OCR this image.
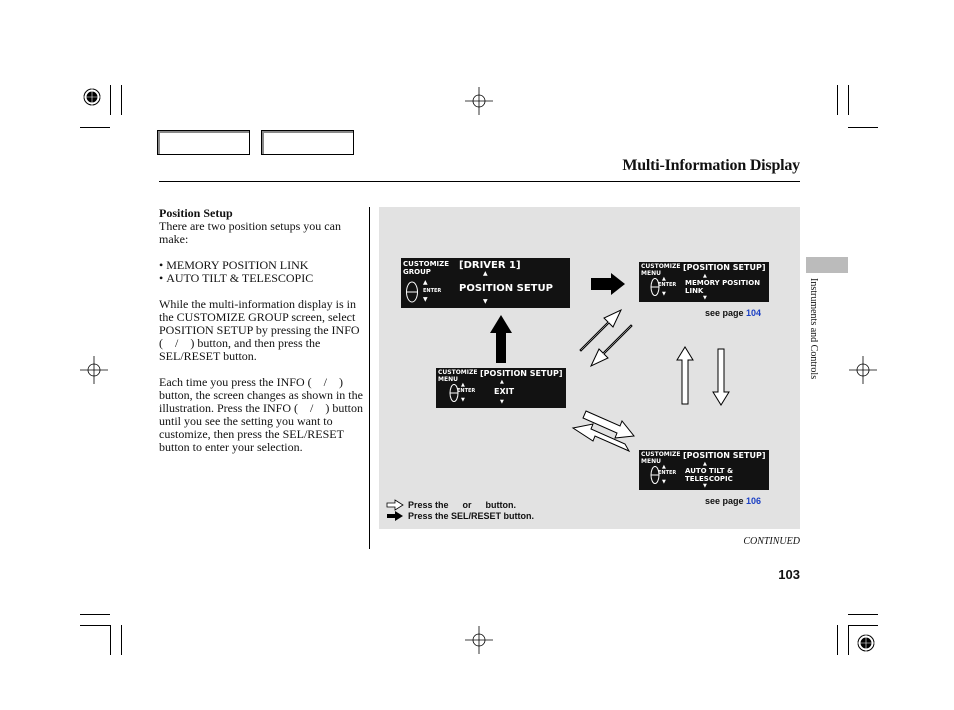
Multi-Information Display
Position Setup

There are two position setups you can make:

• MEMORY POSITION LINK
• AUTO TILT & TELESCOPIC

While the multi-information display is in the CUSTOMIZE GROUP screen, select POSITION SETUP by pressing the INFO ( / ) button, and then press the SEL/RESET button.

Each time you press the INFO ( / ) button, the screen changes as shown in the illustration. Press the INFO ( / ) button until you see the setting you want to customize, then press the SEL/RESET button to enter your selection.

CUSTOMIZE
GROUP
▲
ENTER
▼
[DRIVER 1]
▲
POSITION SETUP
▼
CUSTOMIZE
MENU
▲
ENTER
▼
[POSITION SETUP]
▲
EXIT
▼
CUSTOMIZE
MENU
▲
ENTER
▼
[POSITION SETUP]
▲
MEMORY POSITION
LINK
▼
see page 104
CUSTOMIZE
MENU
▲
ENTER
▼
[POSITION SETUP]
▲
AUTO TILT &
TELESCOPIC
▼
see page 106
Press the   or   button.
Press the SEL/RESET button.
Instruments and Controls
CONTINUED
103
